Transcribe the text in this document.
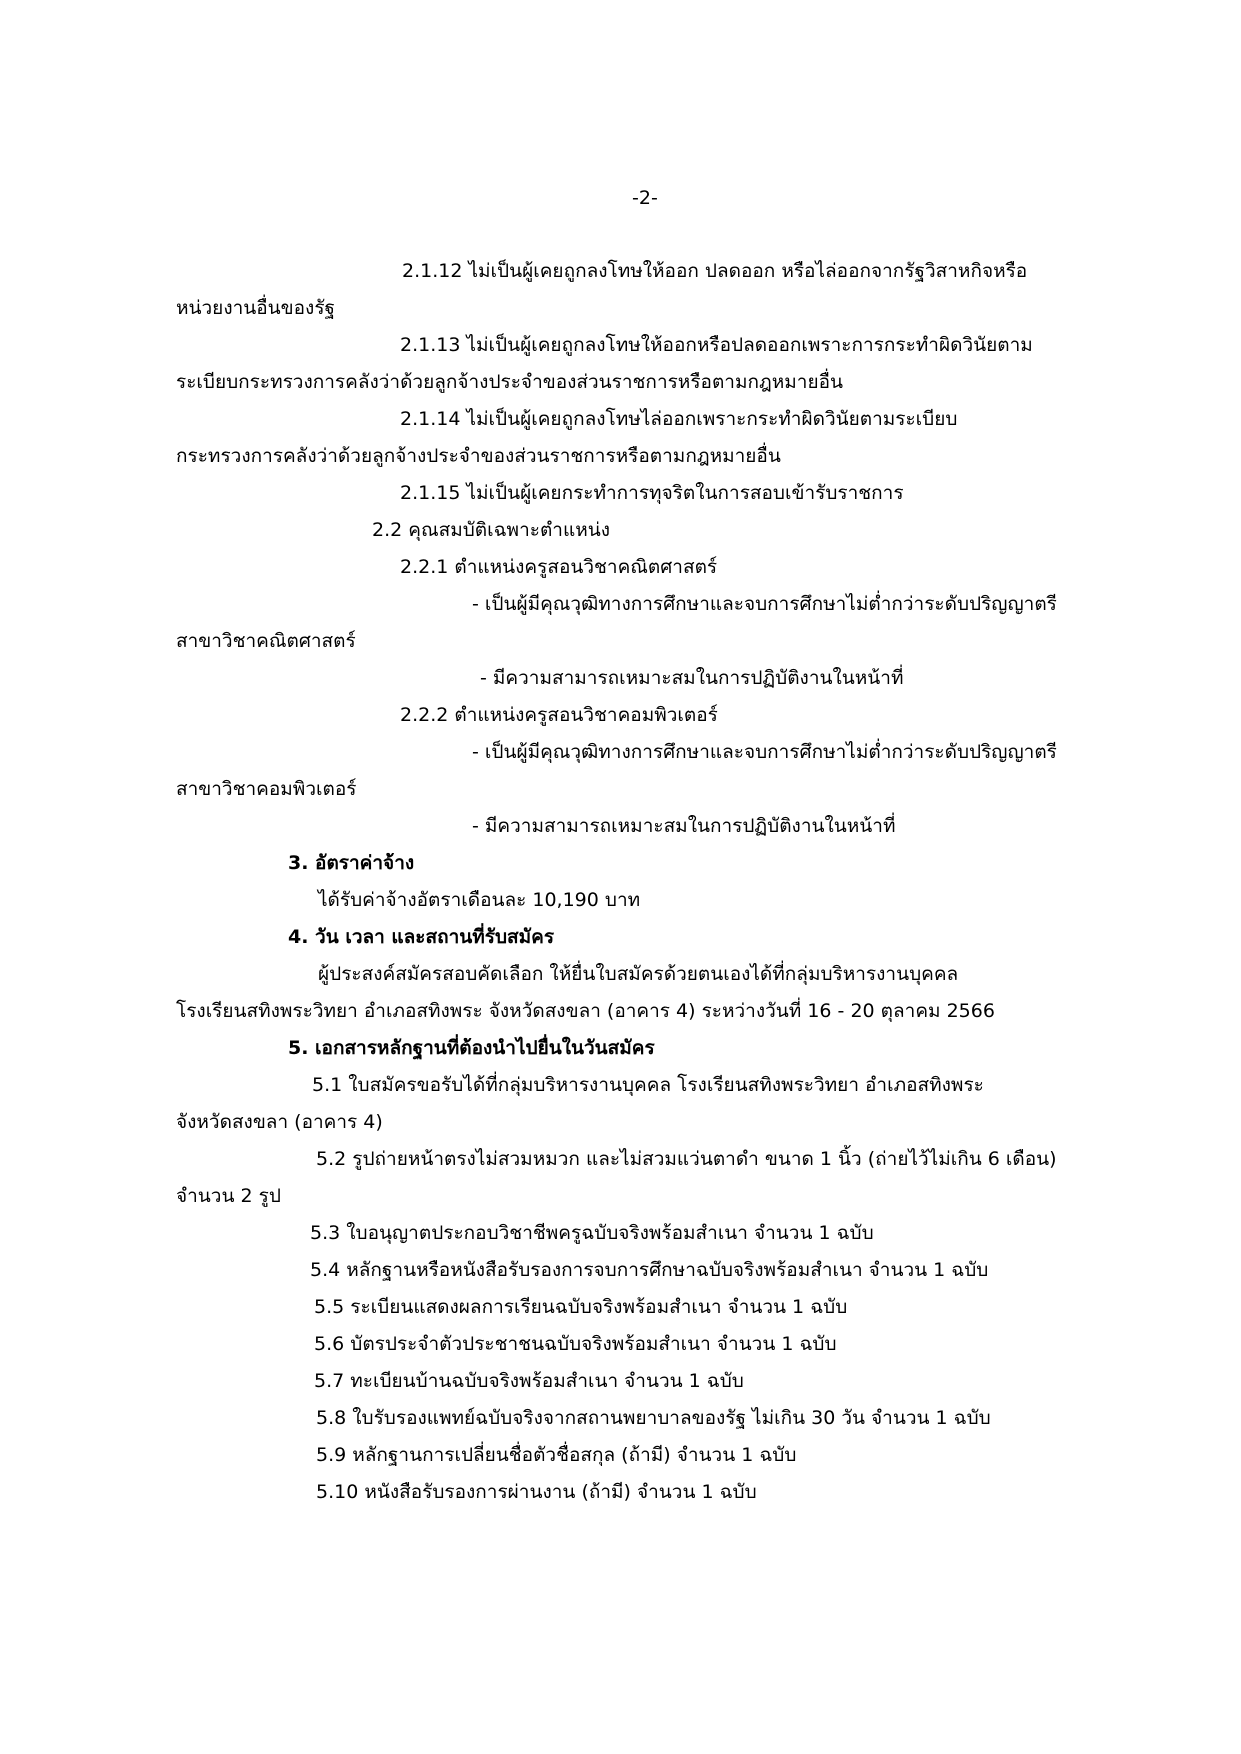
-2-
2.1.12 ไม่เป็นผู้เคยถูกลงโทษให้ออก ปลดออก หรือไล่ออกจากรัฐวิสาหกิจหรือ
หน่วยงานอื่นของรัฐ
2.1.13 ไม่เป็นผู้เคยถูกลงโทษให้ออกหรือปลดออกเพราะการกระทำผิดวินัยตาม
ระเบียบกระทรวงการคลังว่าด้วยลูกจ้างประจำของส่วนราชการหรือตามกฎหมายอื่น
2.1.14 ไม่เป็นผู้เคยถูกลงโทษไล่ออกเพราะกระทำผิดวินัยตามระเบียบ
กระทรวงการคลังว่าด้วยลูกจ้างประจำของส่วนราชการหรือตามกฎหมายอื่น
2.1.15 ไม่เป็นผู้เคยกระทำการทุจริตในการสอบเข้ารับราชการ
2.2 คุณสมบัติเฉพาะตำแหน่ง
2.2.1 ตำแหน่งครูสอนวิชาคณิตศาสตร์
- เป็นผู้มีคุณวุฒิทางการศึกษาและจบการศึกษาไม่ต่ำกว่าระดับปริญญาตรี
สาขาวิชาคณิตศาสตร์
- มีความสามารถเหมาะสมในการปฏิบัติงานในหน้าที่
2.2.2 ตำแหน่งครูสอนวิชาคอมพิวเตอร์
- เป็นผู้มีคุณวุฒิทางการศึกษาและจบการศึกษาไม่ต่ำกว่าระดับปริญญาตรี
สาขาวิชาคอมพิวเตอร์
- มีความสามารถเหมาะสมในการปฏิบัติงานในหน้าที่
3. อัตราค่าจ้าง
ได้รับค่าจ้างอัตราเดือนละ 10,190 บาท
4. วัน เวลา และสถานที่รับสมัคร
ผู้ประสงค์สมัครสอบคัดเลือก ให้ยื่นใบสมัครด้วยตนเองได้ที่กลุ่มบริหารงานบุคคล
โรงเรียนสทิงพระวิทยา อำเภอสทิงพระ จังหวัดสงขลา (อาคาร 4) ระหว่างวันที่ 16 - 20 ตุลาคม 2566
5. เอกสารหลักฐานที่ต้องนำไปยื่นในวันสมัคร
5.1 ใบสมัครขอรับได้ที่กลุ่มบริหารงานบุคคล โรงเรียนสทิงพระวิทยา อำเภอสทิงพระ
จังหวัดสงขลา (อาคาร 4)
5.2 รูปถ่ายหน้าตรงไม่สวมหมวก และไม่สวมแว่นตาดำ ขนาด 1 นิ้ว (ถ่ายไว้ไม่เกิน 6 เดือน)
จำนวน 2 รูป
5.3 ใบอนุญาตประกอบวิชาชีพครูฉบับจริงพร้อมสำเนา จำนวน 1 ฉบับ
5.4 หลักฐานหรือหนังสือรับรองการจบการศึกษาฉบับจริงพร้อมสำเนา จำนวน 1 ฉบับ
5.5 ระเบียนแสดงผลการเรียนฉบับจริงพร้อมสำเนา จำนวน 1 ฉบับ
5.6 บัตรประจำตัวประชาชนฉบับจริงพร้อมสำเนา จำนวน 1 ฉบับ
5.7 ทะเบียนบ้านฉบับจริงพร้อมสำเนา จำนวน 1 ฉบับ
5.8 ใบรับรองแพทย์ฉบับจริงจากสถานพยาบาลของรัฐ ไม่เกิน 30 วัน จำนวน 1 ฉบับ
5.9 หลักฐานการเปลี่ยนชื่อตัวชื่อสกุล (ถ้ามี) จำนวน 1 ฉบับ
5.10 หนังสือรับรองการผ่านงาน (ถ้ามี) จำนวน 1 ฉบับ
